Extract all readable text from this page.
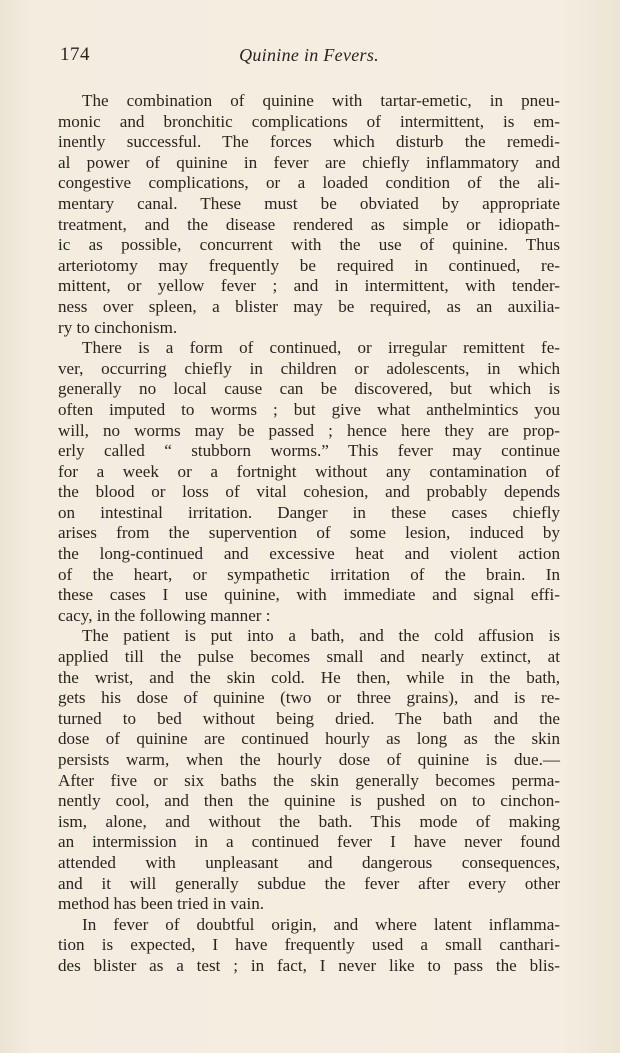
174	Quinine in Fevers.
The combination of quinine with tartar-emetic, in pneu-
monic and bronchitic complications of intermittent, is em-
inently successful. The forces which disturb the remedi-
al power of quinine in fever are chiefly inflammatory and
congestive complications, or a loaded condition of the ali-
mentary canal. These must be obviated by appropriate
treatment, and the disease rendered as simple or idiopath-
ic as possible, concurrent with the use of quinine. Thus
arteriotomy may frequently be required in continued, re-
mittent, or yellow fever ; and in intermittent, with tender-
ness over spleen, a blister may be required, as an auxilia-
ry to cinchonism.
There is a form of continued, or irregular remittent fe-
ver, occurring chiefly in children or adolescents, in which
generally no local cause can be discovered, but which is
often imputed to worms ; but give what anthelmintics you
will, no worms may be passed ; hence here they are prop-
erly called “ stubborn worms.” This fever may continue
for a week or a fortnight without any contamination of
the blood or loss of vital cohesion, and probably depends
on intestinal irritation. Danger in these cases chiefly
arises from the supervention of some lesion, induced by
the long-continued and excessive heat and violent action
of the heart, or sympathetic irritation of the brain. In
these cases I use quinine, with immediate and signal effi-
cacy, in the following manner :
The patient is put into a bath, and the cold affusion is
applied till the pulse becomes small and nearly extinct, at
the wrist, and the skin cold. He then, while in the bath,
gets his dose of quinine (two or three grains), and is re-
turned to bed without being dried. The bath and the
dose of quinine are continued hourly as long as the skin
persists warm, when the hourly dose of quinine is due.—
After five or six baths the skin generally becomes perma-
nently cool, and then the quinine is pushed on to cinchon-
ism, alone, and without the bath. This mode of making
an intermission in a continued fever I have never found
attended with unpleasant and dangerous consequences,
and it will generally subdue the fever after every other
method has been tried in vain.
In fever of doubtful origin, and where latent inflamma-
tion is expected, I have frequently used a small canthari-
des blister as a test ; in fact, I never like to pass the blis-
